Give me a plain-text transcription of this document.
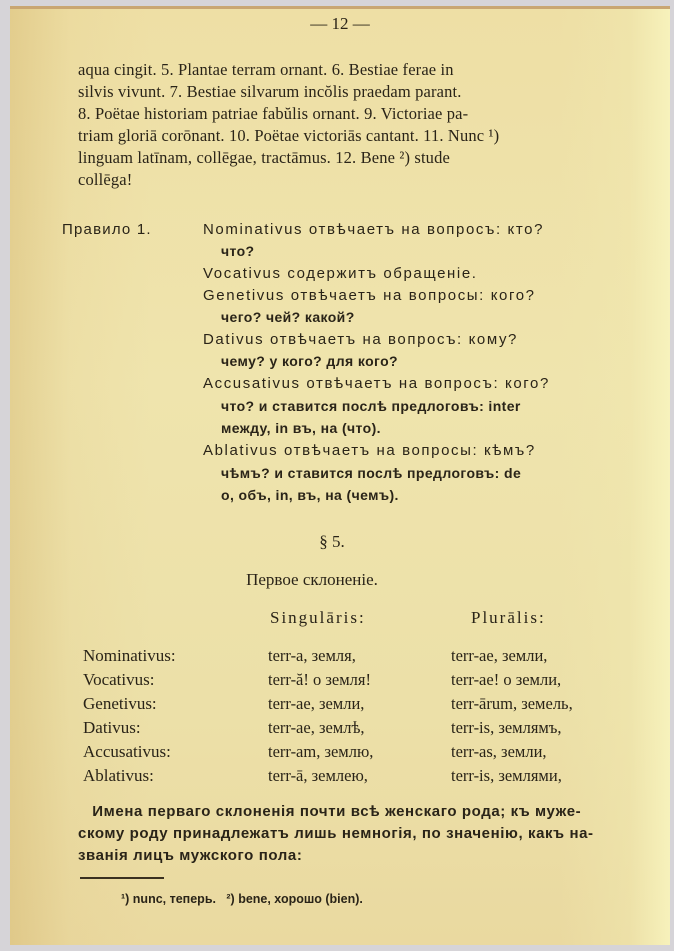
— 12 —
aqua cingit. 5. Plantae terram ornant. 6. Bestiae ferae in
silvis vivunt. 7. Bestiae silvarum incŏlis praedam parant.
8. Poëtae historiam patriae fabŭlis ornant. 9. Victoriae pa-
triam gloriā corōnant. 10. Poëtae victoriās cantant. 11. Nunc ¹)
linguam latīnam, collēgae, tractāmus. 12. Bene ²) stude
collēga!
Правило 1.	Nominativus отвѣчаетъ на вопросъ: кто?
что?
Vocativus содержитъ обращеніе.
Genetivus отвѣчаетъ на вопросы: кого?
чего? чей? какой?
Dativus отвѣчаетъ на вопросъ: кому?
чему? у кого? для кого?
Accusativus отвѣчаетъ на вопросъ: кого?
что? и ставится послѣ предлоговъ: inter
между, in въ, на (что).
Ablativus отвѣчаетъ на вопросы: кѣмъ?
чѣмъ? и ставится послѣ предлоговъ: de
о, объ, in, въ, на (чемъ).
§ 5.
Первое склоненіе.
Singulāris:	Plurālis:
Nominativus:	terr-a, земля,	terr-ae, земли,
Vocativus:	terr-ă! о земля!	terr-ae! о земли,
Genetivus:	terr-ae, земли,	terr-ārum, земель,
Dativus:	terr-ae, землѣ,	terr-is, землямъ,
Accusativus:	terr-am, землю,	terr-as, земли,
Ablativus:	terr-ā, землею,	terr-is, землями,
Имена перваго склоненія почти всѣ женскаго рода; къ муже-
скому роду принадлежатъ лишь немногія, по значенію, какъ на-
званія лицъ мужского пола:
¹) nunc, теперь.   ²) bene, хорошо (bien).
